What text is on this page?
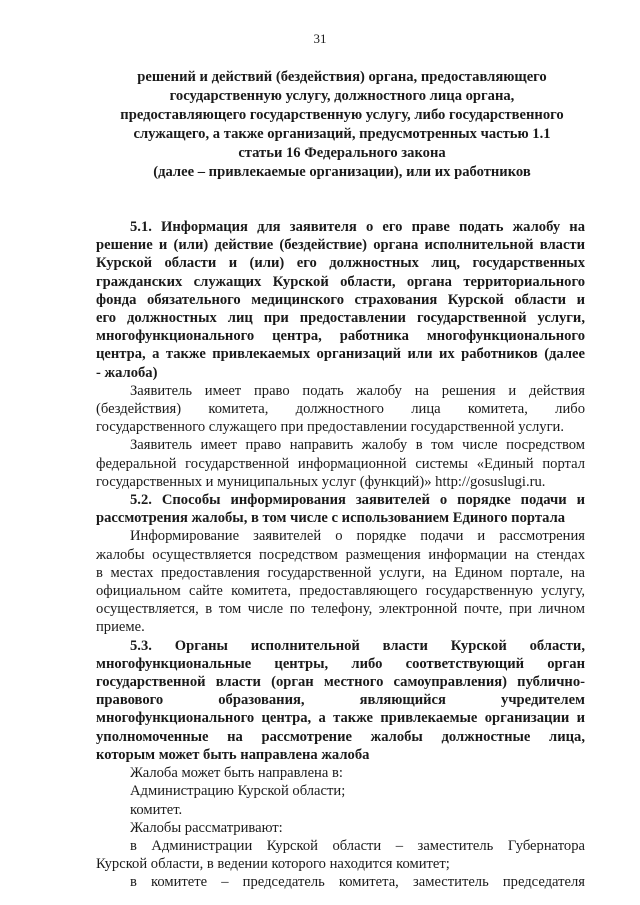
31
решений и действий (бездействия) органа, предоставляющего
государственную услугу, должностного лица органа,
предоставляющего государственную услугу, либо государственного
служащего, а также организаций, предусмотренных частью 1.1
статьи 16 Федерального закона
(далее – привлекаемые организации), или их работников
5.1. Информация для заявителя о его праве подать жалобу на
решение и (или) действие (бездействие) органа исполнительной власти
Курской области и (или) его должностных лиц, государственных
гражданских служащих Курской области, органа территориального
фонда обязательного медицинского страхования Курской области и
его должностных лиц при предоставлении государственной услуги,
многофункционального центра, работника многофункционального
центра, а также привлекаемых организаций или их работников (далее
- жалоба)
Заявитель имеет право подать жалобу на решения и действия
(бездействия) комитета, должностного лица комитета, либо
государственного служащего при предоставлении государственной услуги.
Заявитель имеет право направить жалобу в том числе посредством
федеральной государственной информационной системы «Единый портал
государственных и муниципальных услуг (функций)» http://gosuslugi.ru.
5.2. Способы информирования заявителей о порядке подачи и
рассмотрения жалобы, в том числе с использованием Единого портала
Информирование заявителей о порядке подачи и рассмотрения
жалобы осуществляется посредством размещения информации на стендах
в местах предоставления государственной услуги, на Едином портале, на
официальном сайте комитета, предоставляющего государственную услугу,
осуществляется, в том числе по телефону, электронной почте, при личном
приеме.
5.3. Органы исполнительной власти Курской области,
многофункциональные центры, либо соответствующий орган
государственной власти (орган местного самоуправления) публично-
правового образования, являющийся учредителем
многофункционального центра, а также привлекаемые организации и
уполномоченные на рассмотрение жалобы должностные лица,
которым может быть направлена жалоба
Жалоба может быть направлена в:
Администрацию Курской области;
комитет.
Жалобы рассматривают:
в Администрации Курской области – заместитель Губернатора
Курской области, в ведении которого находится комитет;
в комитете – председатель комитета, заместитель председателя
